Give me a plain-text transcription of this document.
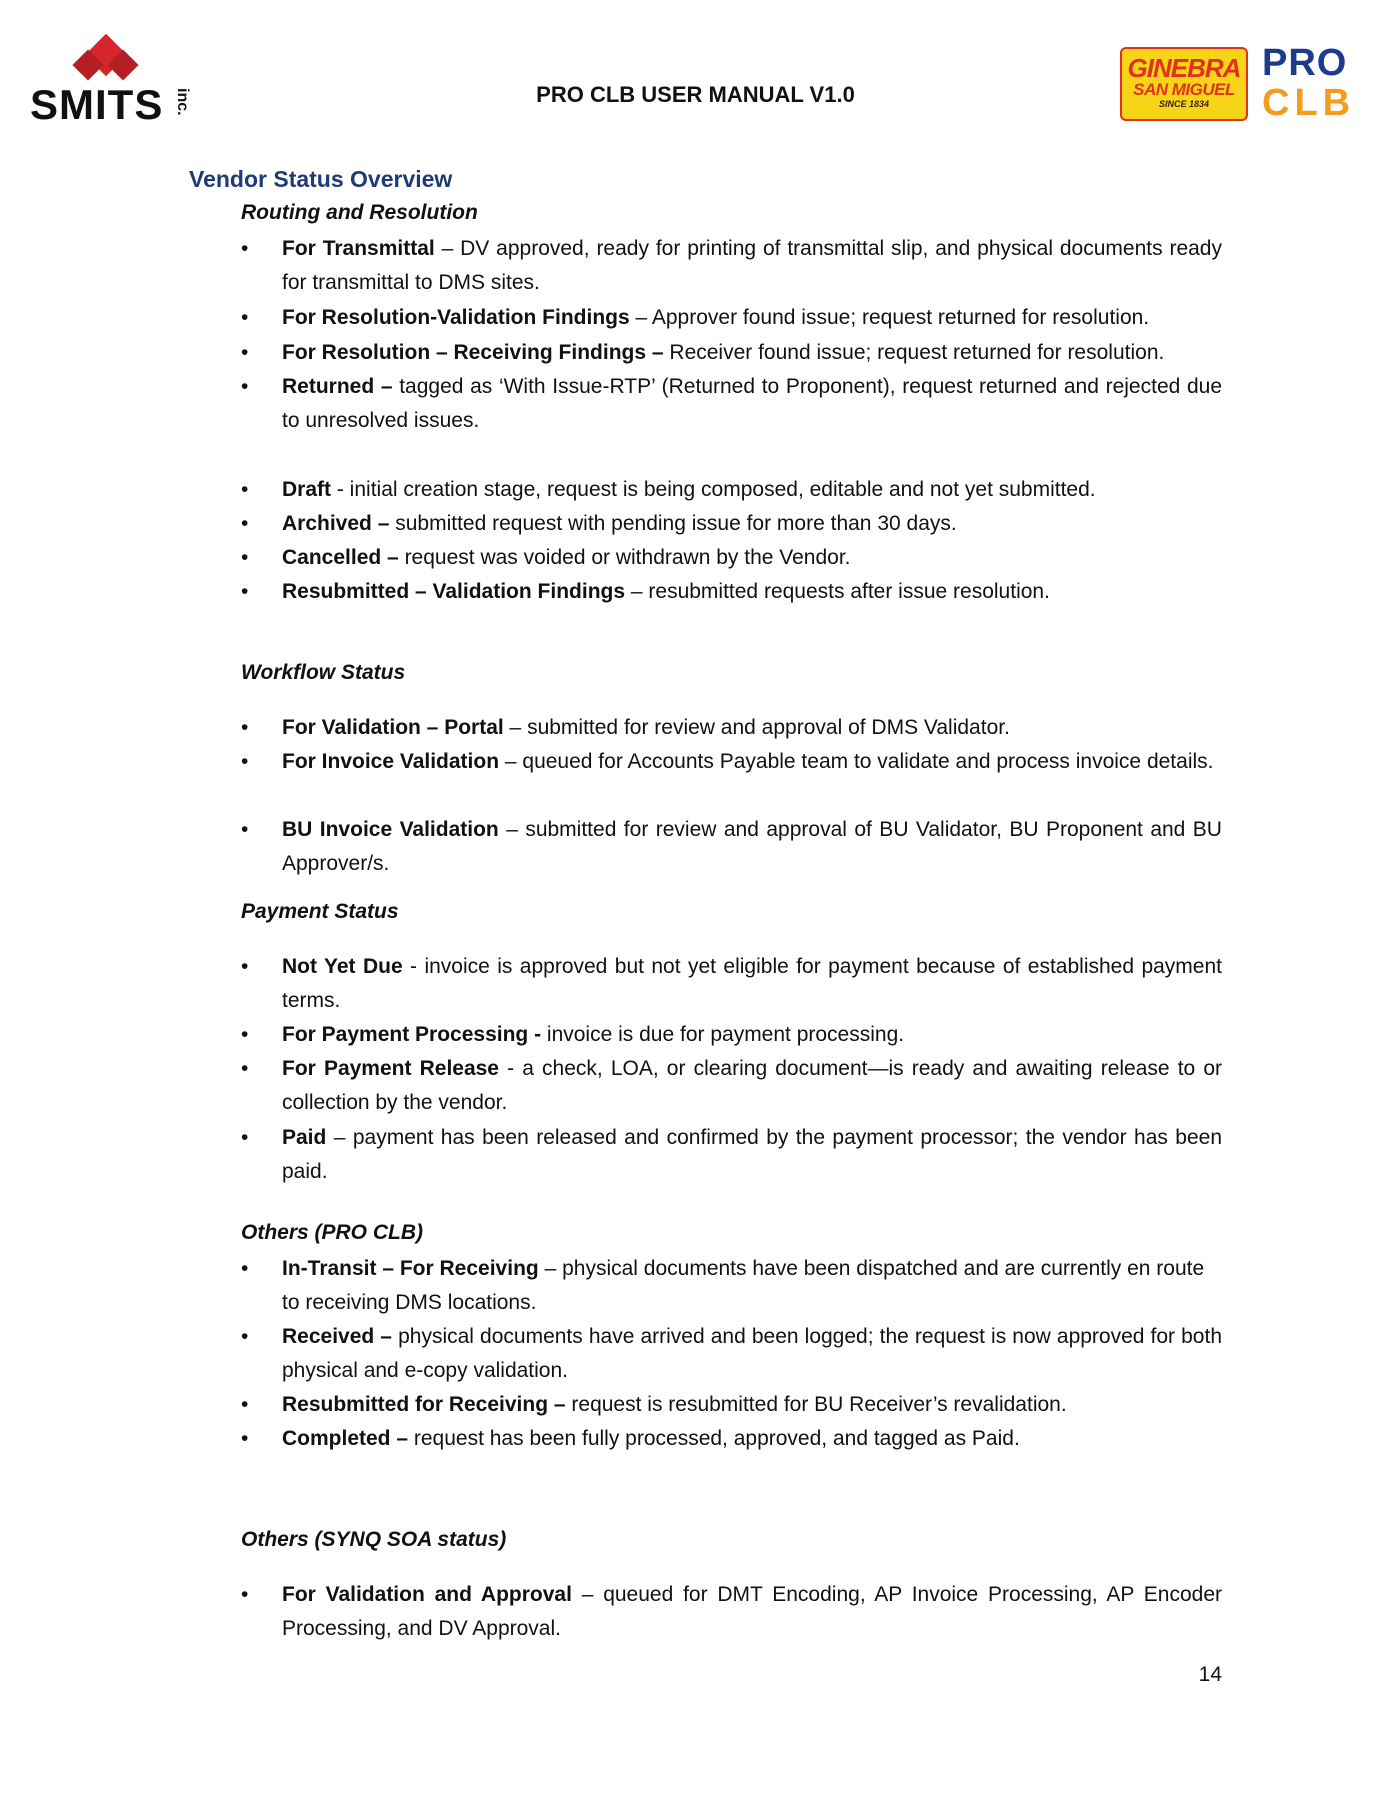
SMITS inc.	PRO CLB USER MANUAL V1.0
GINEBRA
SAN MIGUEL
SINCE 1834
PRO
CLB
Vendor Status Overview
Routing and Resolution
• For Transmittal – DV approved, ready for printing of transmittal slip, and physical documents ready for transmittal to DMS sites.
• For Resolution-Validation Findings – Approver found issue; request returned for resolution.
• For Resolution – Receiving Findings – Receiver found issue; request returned for resolution.
• Returned – tagged as ‘With Issue-RTP’ (Returned to Proponent), request returned and rejected due to unresolved issues.
• Draft - initial creation stage, request is being composed, editable and not yet submitted.
• Archived – submitted request with pending issue for more than 30 days.
• Cancelled – request was voided or withdrawn by the Vendor.
• Resubmitted – Validation Findings – resubmitted requests after issue resolution.
Workflow Status
• For Validation – Portal – submitted for review and approval of DMS Validator.
• For Invoice Validation – queued for Accounts Payable team to validate and process invoice details.
• BU Invoice Validation – submitted for review and approval of BU Validator, BU Proponent and BU Approver/s.
Payment Status
• Not Yet Due - invoice is approved but not yet eligible for payment because of established payment terms.
• For Payment Processing - invoice is due for payment processing.
• For Payment Release - a check, LOA, or clearing document—is ready and awaiting release to or collection by the vendor.
• Paid – payment has been released and confirmed by the payment processor; the vendor has been paid.
Others (PRO CLB)
• In-Transit – For Receiving – physical documents have been dispatched and are currently en route to receiving DMS locations.
• Received – physical documents have arrived and been logged; the request is now approved for both physical and e-copy validation.
• Resubmitted for Receiving – request is resubmitted for BU Receiver’s revalidation.
• Completed – request has been fully processed, approved, and tagged as Paid.
Others (SYNQ SOA status)
• For Validation and Approval – queued for DMT Encoding, AP Invoice Processing, AP Encoder Processing, and DV Approval.
14
